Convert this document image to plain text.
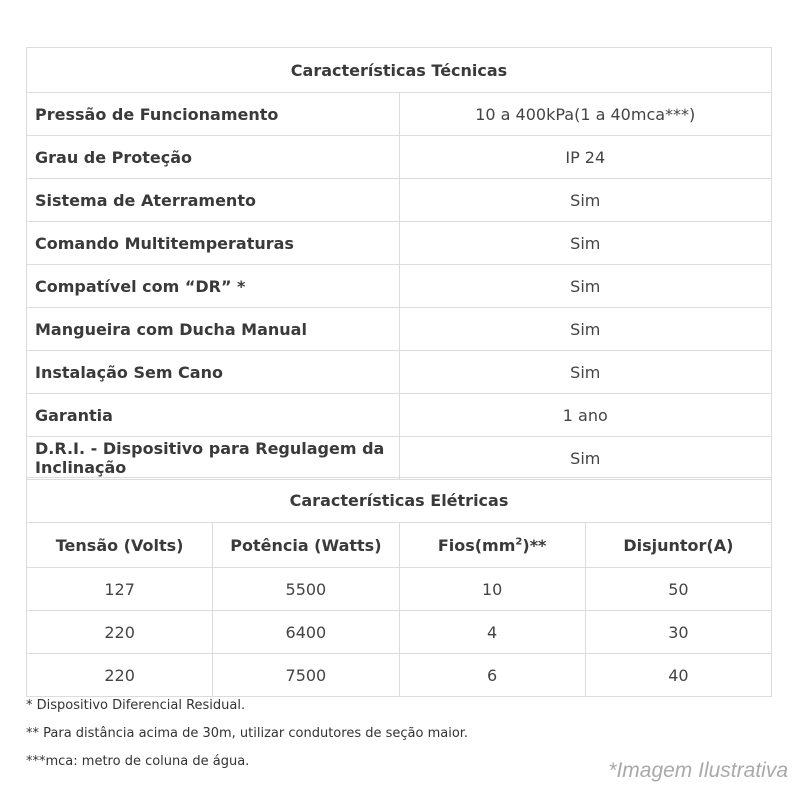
Características Técnicas	
Pressão de Funcionamento	10 a 400kPa(1 a 40mca***)
Grau de Proteção	IP 24
Sistema de Aterramento	Sim
Comando Multitemperaturas	Sim
Compatível com “DR” *	Sim
Mangueira com Ducha Manual	Sim
Instalação Sem Cano	Sim
Garantia	1 ano
D.R.I. - Dispositivo para Regulagem da Inclinação	Sim
Características Elétricas			
Tensão (Volts)	Potência (Watts)	$Fios(mm^2)**$	Disjuntor(A)
127	5500	10	50
220	6400	4	30
220	7500	6	40
* Dispositivo Diferencial Residual.
** Para distância acima de 30m, utilizar condutores de seção maior.
***mca: metro de coluna de água.	*Imagem Ilustrativa
